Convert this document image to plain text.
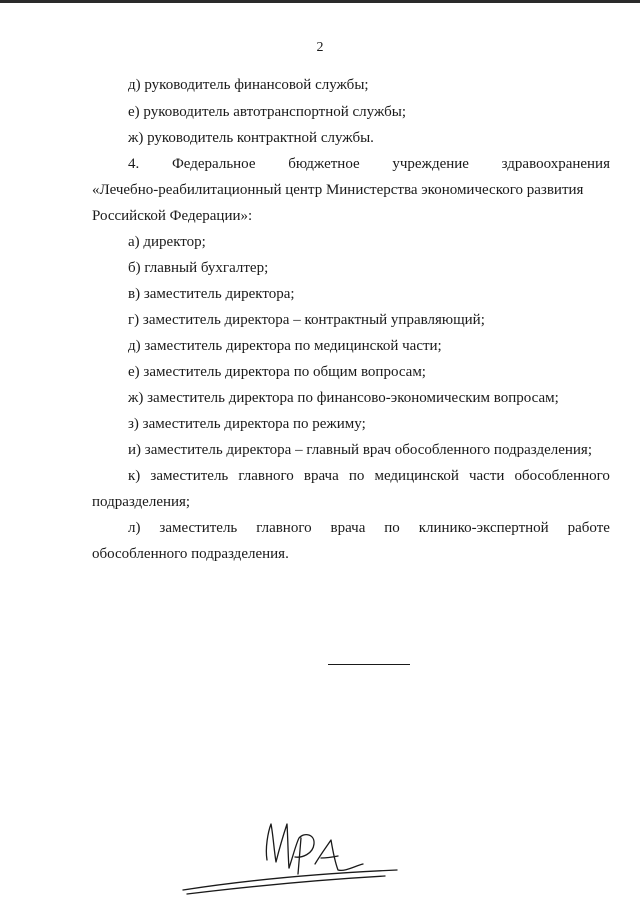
2
д) руководитель финансовой службы;
е) руководитель автотранспортной службы;
ж) руководитель контрактной службы.
4. Федеральное бюджетное учреждение здравоохранения
«Лечебно-реабилитационный центр Министерства экономического развития
Российской Федерации»:
а) директор;
б) главный бухгалтер;
в) заместитель директора;
г) заместитель директора – контрактный управляющий;
д) заместитель директора по медицинской части;
е) заместитель директора по общим вопросам;
ж) заместитель директора по финансово-экономическим вопросам;
з) заместитель директора по режиму;
и) заместитель директора – главный врач обособленного подразделения;
к) заместитель главного врача по медицинской части обособленного
подразделения;
л) заместитель главного врача по клинико-экспертной работе
обособленного подразделения.
